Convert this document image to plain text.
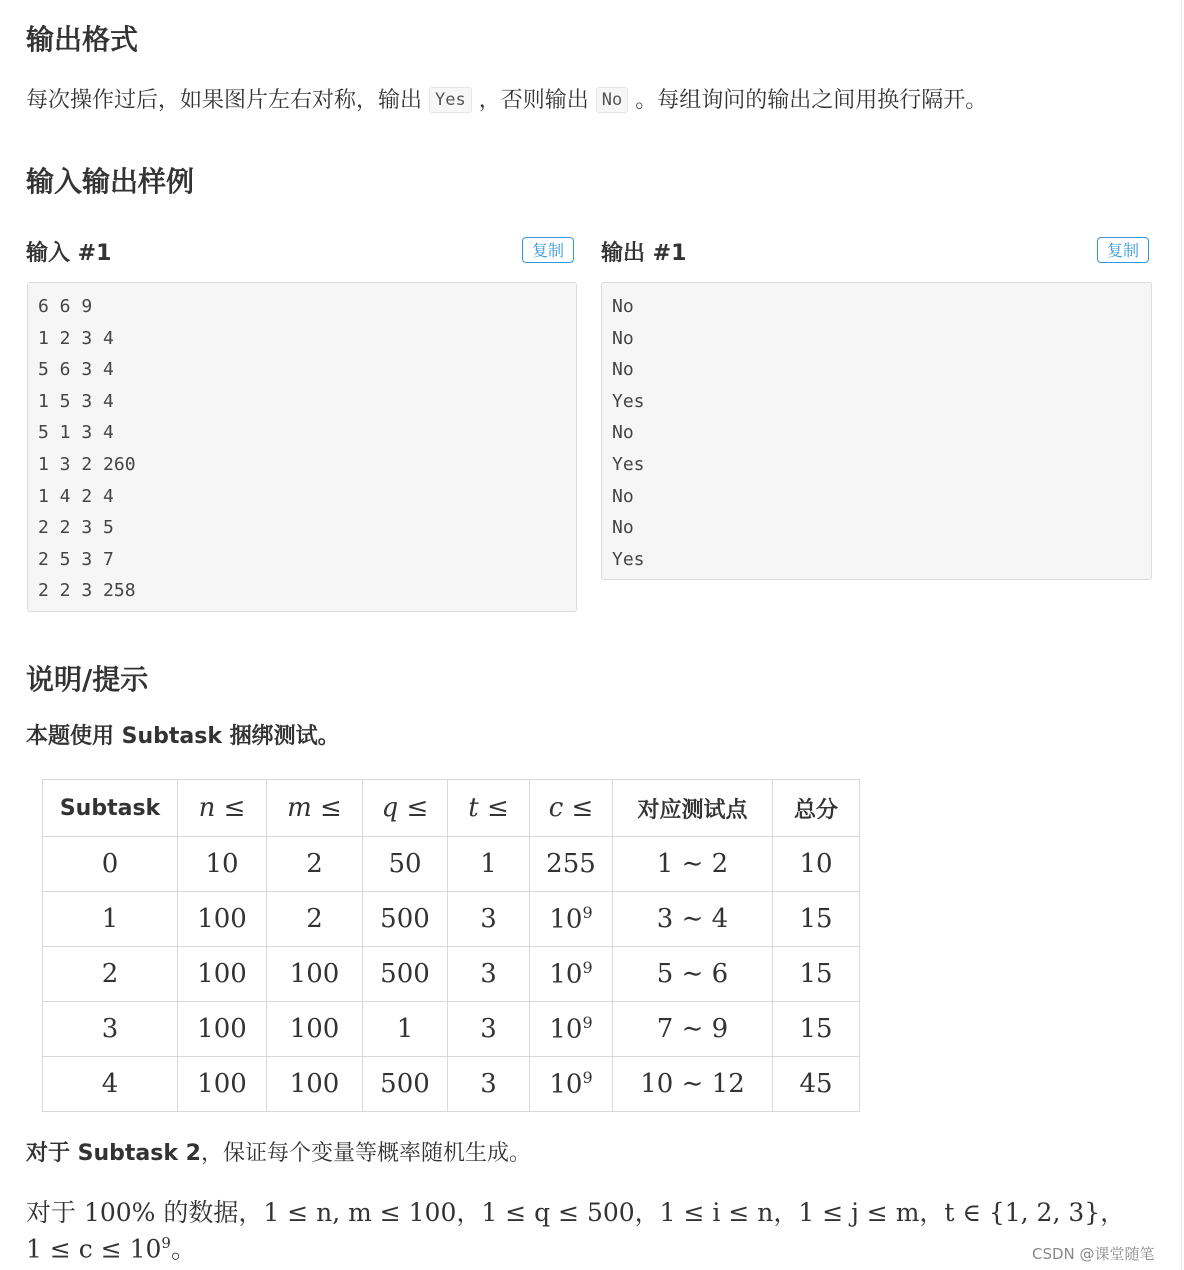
输出格式
每次操作过后，如果图片左右对称，输出 Yes ，否则输出 No 。每组询问的输出之间用换行隔开。
输入输出样例
输入 #1	复制
6 6 9
1 2 3 4
5 6 3 4
1 5 3 4
5 1 3 4
1 3 2 260
1 4 2 4
2 2 3 5
2 5 3 7
2 2 3 258
输出 #1	复制
No
No
No
Yes
No
Yes
No
No
Yes
说明/提示
本题使用 Subtask 捆绑测试。
Subtask	n ≤	m ≤	q ≤	t ≤	c ≤	对应测试点	总分
0	10	2	50	1	255	1 ∼ 2	10
1	100	2	500	3	$10^9$	3 ∼ 4	15
2	100	100	500	3	$10^9$	5 ∼ 6	15
3	100	100	1	3	$10^9$	7 ∼ 9	15
4	100	100	500	3	$10^9$	10 ∼ 12	45
对于 Subtask 2，保证每个变量等概率随机生成。
对于 100% 的数据，1 ≤ n, m ≤ 100，1 ≤ q ≤ 500，1 ≤ i ≤ n，1 ≤ j ≤ m，t ∈ {1, 2, 3}，
$1 \le c \le 10^9$。	CSDN @课堂随笔
